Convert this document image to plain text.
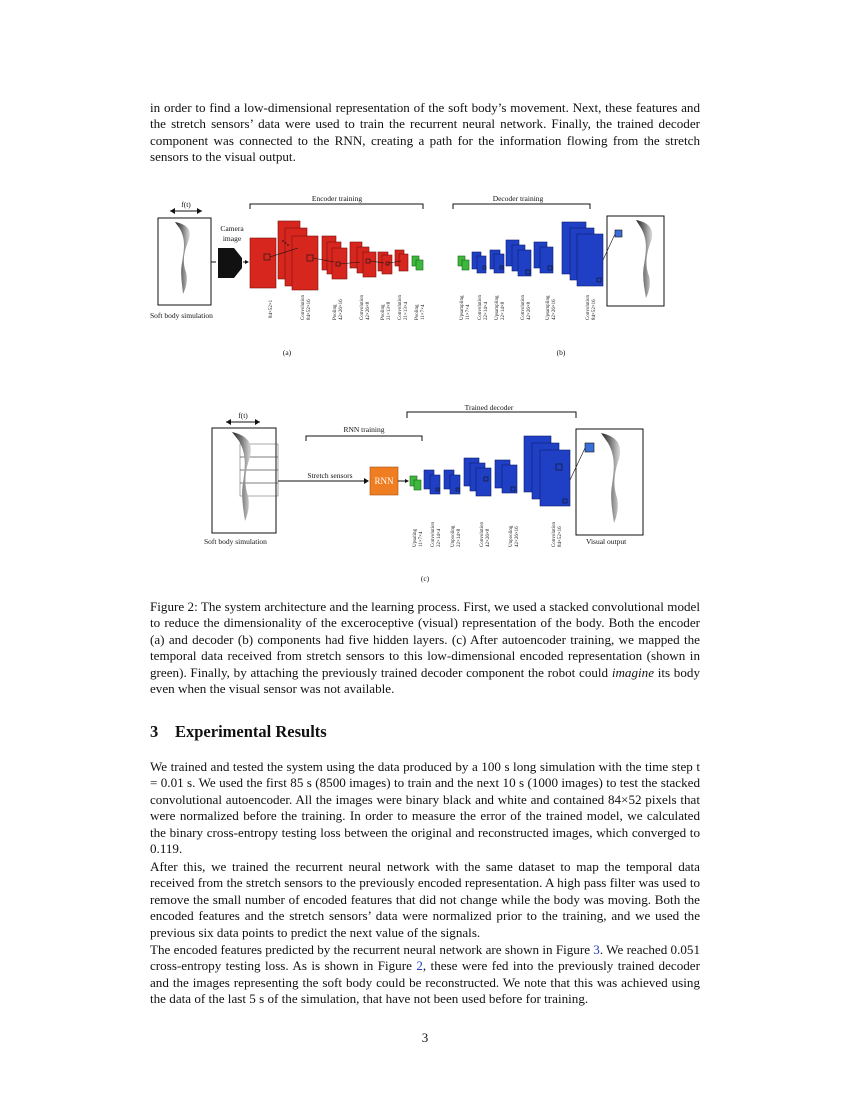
in order to find a low-dimensional representation of the soft body’s movement. Next, these features and the stretch sensors’ data were used to train the recurrent neural network. Finally, the trained decoder component was connected to the RNN, creating a path for the information flowing from the stretch sensors to the visual output.

f(t)
Soft body simulation
Camera
image
Encoder training
84×52×1	Convolution 84×52×16	Pooling 42×26×16	Convolution 42×26×8 Pooling 21×13×8 Convolution 21×13×4 Pooling 11×7×4
Decoder training
Upsampling 11×7×4 Convolution 22×14×4 Upsampling 22×14×8	Convolution 42×26×8	Upsampling 42×26×16	Convolution 84×52×16
(a)	(b)
Trained decoder
RNN training
f(t)
Soft body simulation
Stretch sensors
RNN
Visual output
Upsaling 11×7×4 Convolution 22×14×4 Unpooling 22×14×8	Convolution 42×26×8	Unpooling 42×26×16	Convolution 84×52×16
(c)

Figure 2: The system architecture and the learning process. First, we used a stacked convolutional model to reduce the dimensionality of the exceroceptive (visual) representation of the body. Both the encoder (a) and decoder (b) components had five hidden layers. (c) After autoencoder training, we mapped the temporal data received from stretch sensors to this low-dimensional encoded representation (shown in green). Finally, by attaching the previously trained decoder component the robot could imagine its body even when the visual sensor was not available.

3 Experimental Results

We trained and tested the system using the data produced by a 100 s long simulation with the time step t = 0.01 s. We used the first 85 s (8500 images) to train and the next 10 s (1000 images) to test the stacked convolutional autoencoder. All the images were binary black and white and contained 84×52 pixels that were normalized before the training. In order to measure the error of the trained model, we calculated the binary cross-entropy testing loss between the original and reconstructed images, which converged to 0.119.

After this, we trained the recurrent neural network with the same dataset to map the temporal data received from the stretch sensors to the previously encoded representation. A high pass filter was used to remove the small number of encoded features that did not change while the body was moving. Both the encoded features and the stretch sensors’ data were normalized prior to the training, and we used the previous six data points to predict the next value of the signals.

The encoded features predicted by the recurrent neural network are shown in Figure 3. We reached 0.051 cross-entropy testing loss. As is shown in Figure 2, these were fed into the previously trained decoder and the images representing the soft body could be reconstructed. We note that this was achieved using the data of the last 5 s of the simulation, that have not been used before for training.

3
